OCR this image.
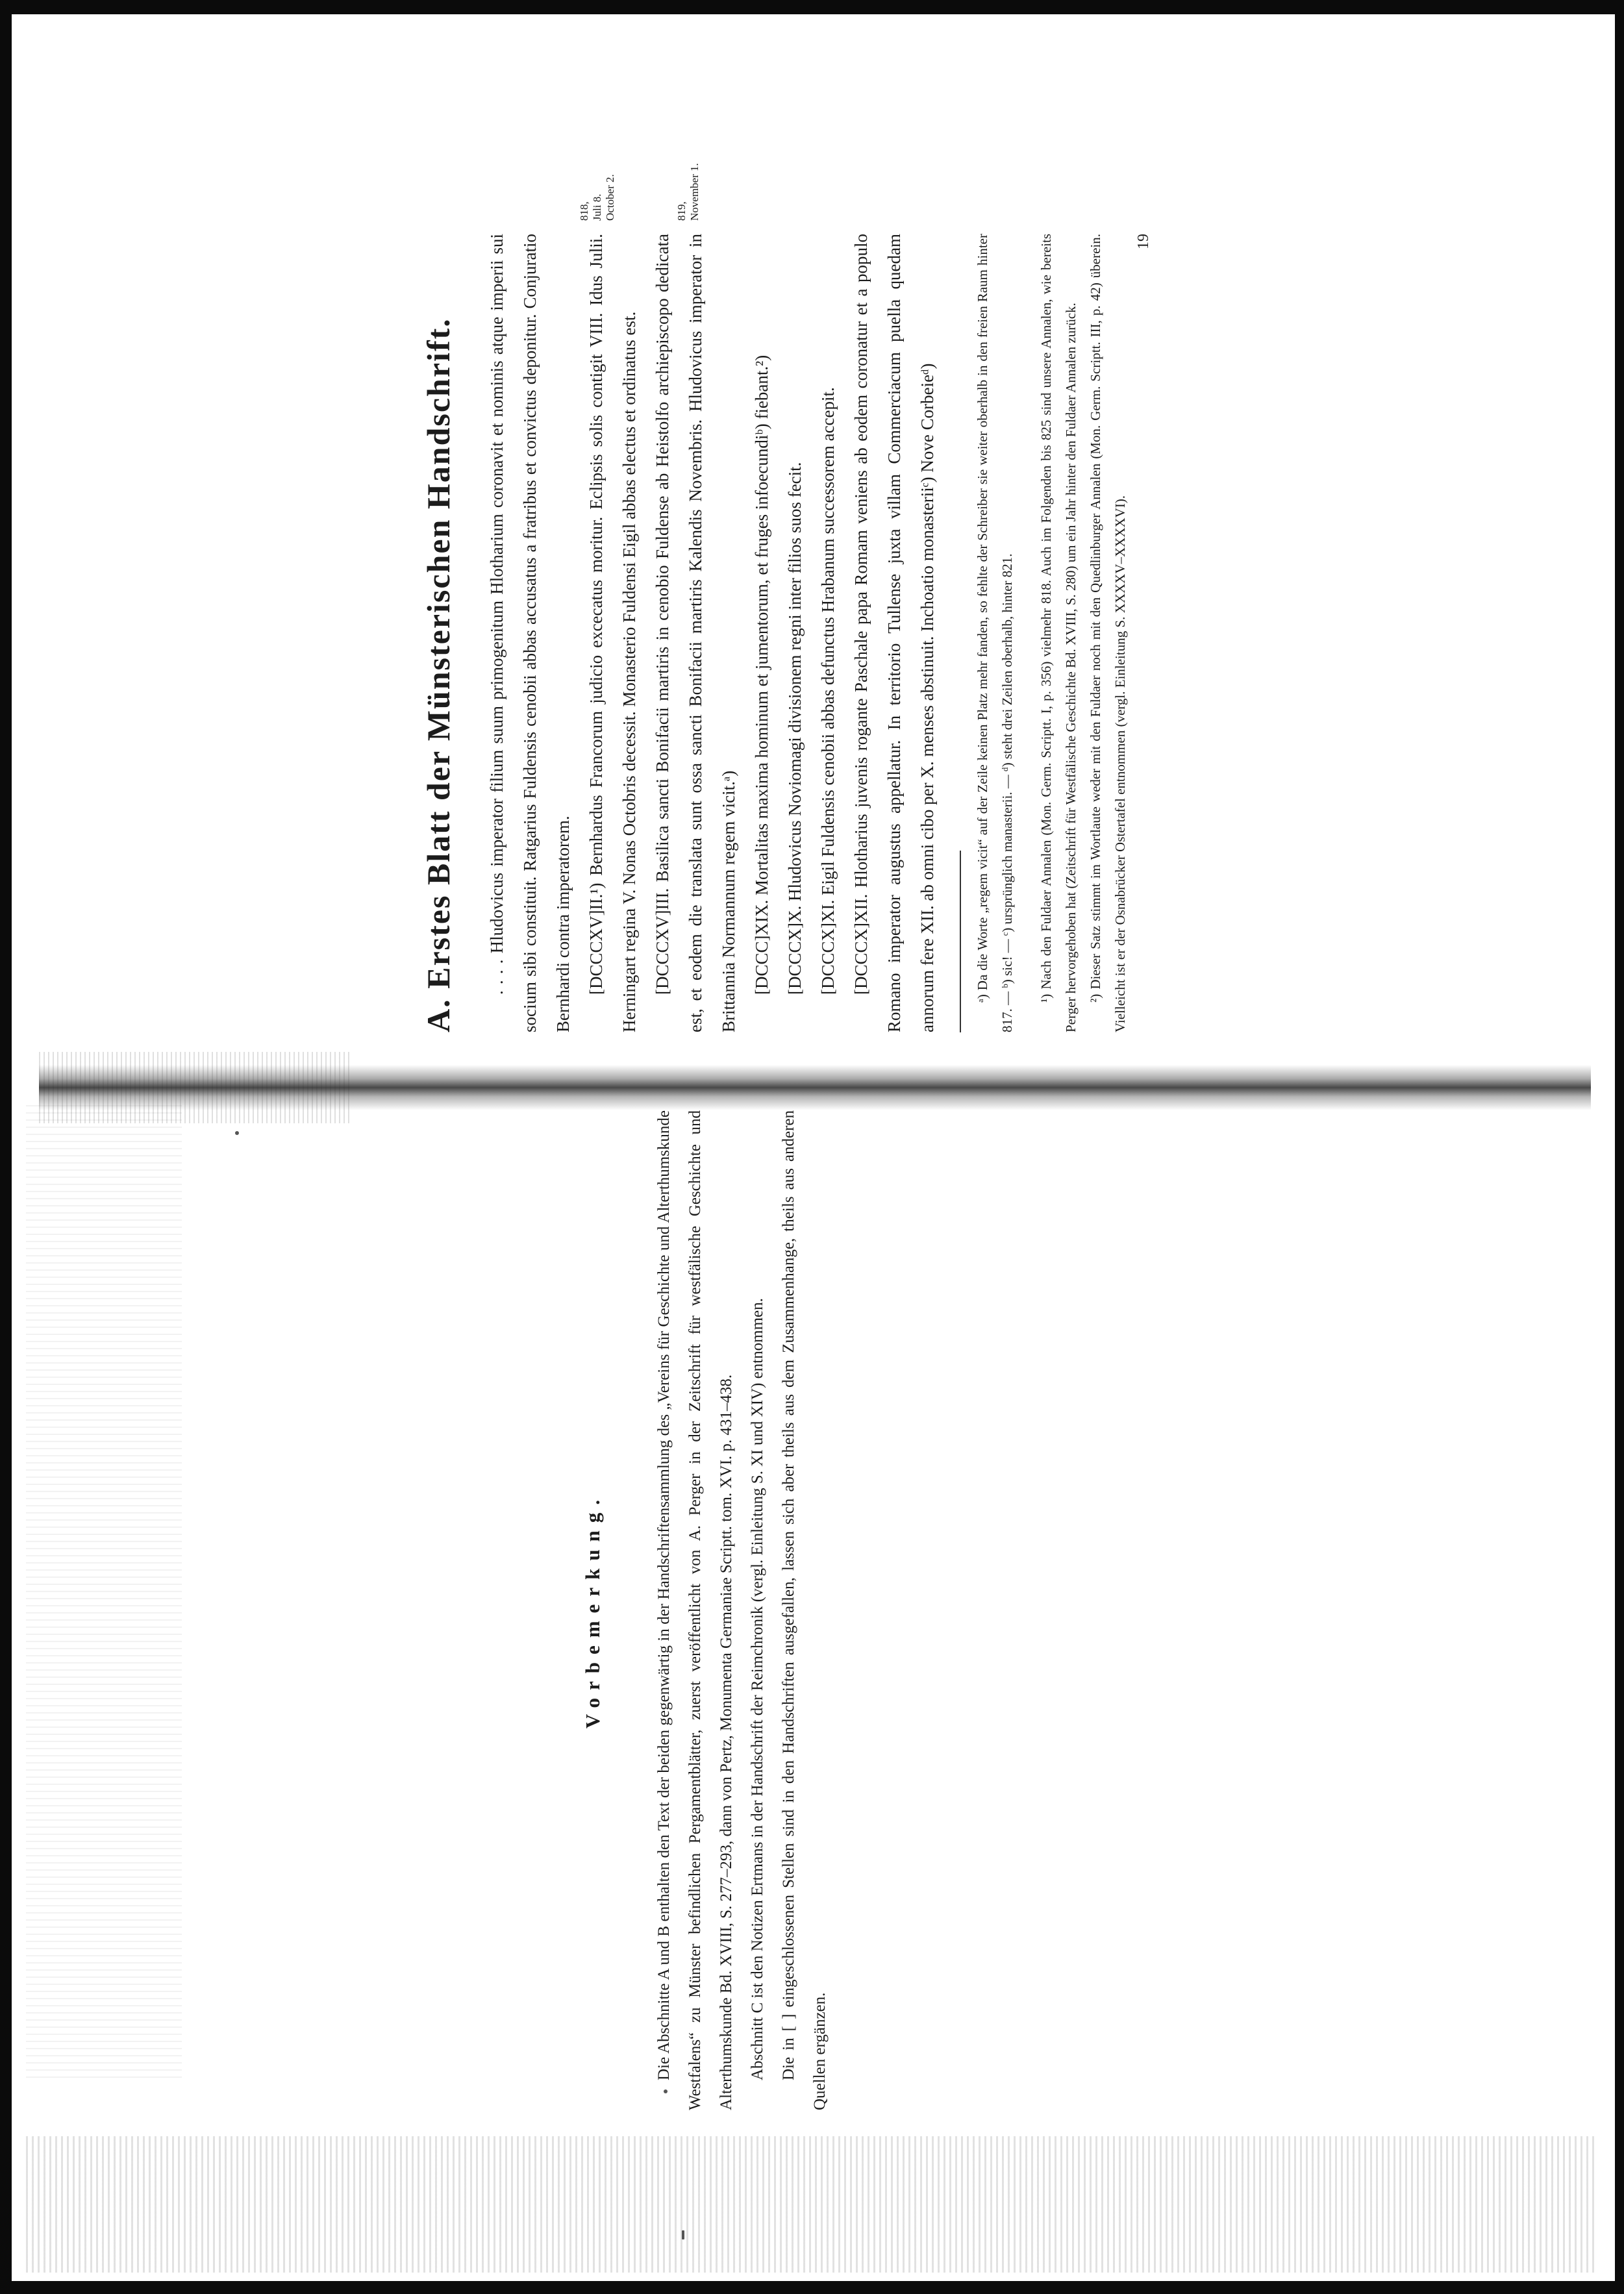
Vorbemerkung.	Die Abschnitte A und B enthalten den Text der beiden gegenwärtig in der Handschriftensammlung des „Vereins für Geschichte und Alterthumskunde Westfalens“ zu Münster befindlichen Pergamentblätter, zuerst veröffentlicht von A. Perger in der Zeitschrift für westfälische Geschichte und Alterthumskunde Bd. XVIII, S. 277–293, dann von Pertz, Monumenta Germaniae Scriptt. tom. XVI. p. 431–438. Abschnitt C ist den Notizen Ertmans in der Handschrift der Reimchronik (vergl. Einleitung S. XI und XIV) entnommen. Die in [ ] eingeschlossenen Stellen sind in den Handschriften ausgefallen, lassen sich aber theils aus dem Zusammenhange, theils aus anderen Quellen ergänzen.

A. Erstes Blatt der Münsterischen Handschrift.	. . . . Hludovicus imperator filium suum primogenitum Hlotharium coronavit et nominis atque imperii sui socium sibi constituit. Ratgarius Fuldensis cenobii abbas accusatus a fratribus et convictus deponitur. Conjuratio Bernhardi contra imperatorem. [DCCCXV]II.¹) Bernhardus Francorum judicio excecatus moritur. Eclipsis solis contigit VIII. Idus Julii. Herningart regina V. Nonas Octobris decessit. Monasterio Fuldensi Eigil abbas electus et ordinatus est. [DCCCXV]III. Basilica sancti Bonifacii martiris in cenobio Fuldense ab Heistolfo archiepiscopo dedicata est, et eodem die translata sunt ossa sancti Bonifacii martiris Kalendis Novembris. Hludovicus imperator in Brittannia Normannum regem vicit.ᵃ) [DCCC]XIX. Mortalitas maxima hominum et jumentorum, et fruges infoecundiᵇ) fiebant.²) [DCCCX]X. Hludovicus Noviomagi divisionem regni inter filios suos fecit. [DCCCX]XI. Eigil Fuldensis cenobii abbas defunctus Hrabanum successorem accepit. [DCCCX]XII. Hlotharius juvenis rogante Paschale papa Romam veniens ab eodem coronatur et a populo Romano imperator augustus appellatur. In territorio Tullense juxta villam Commerciacum puella quedam annorum fere XII. ab omni cibo per X. menses abstinuit. Inchoatio monasteriiᶜ) Nove Corbeieᵈ)

818,
Juli 8.
October 2.
819,
November 1.

ᵃ) Da die Worte „regem vicit“ auf der Zeile keinen Platz mehr fanden, so fehlte der Schreiber sie weiter oberhalb in den freien Raum hinter 817. — ᵇ) sic! — ᶜ) ursprünglich manasterii. — ᵈ) steht drei Zeilen oberhalb, hinter 821.	¹) Nach den Fuldaer Annalen (Mon. Germ. Scriptt. I, p. 356) vielmehr 818. Auch im Folgenden bis 825 sind unsere Annalen, wie bereits Perger hervorgehoben hat (Zeitschrift für Westfälische Geschichte Bd. XVIII, S. 280) um ein Jahr hinter den Fuldaer Annalen zurück. ²) Dieser Satz stimmt im Wortlaute weder mit den Fuldaer noch mit den Quedlinburger Annalen (Mon. Germ. Scriptt. III, p. 42) überein. Vielleicht ist er der Osnabrücker Ostertafel entnommen (vergl. Einleitung S. XXXXV–XXXXVI).

19
